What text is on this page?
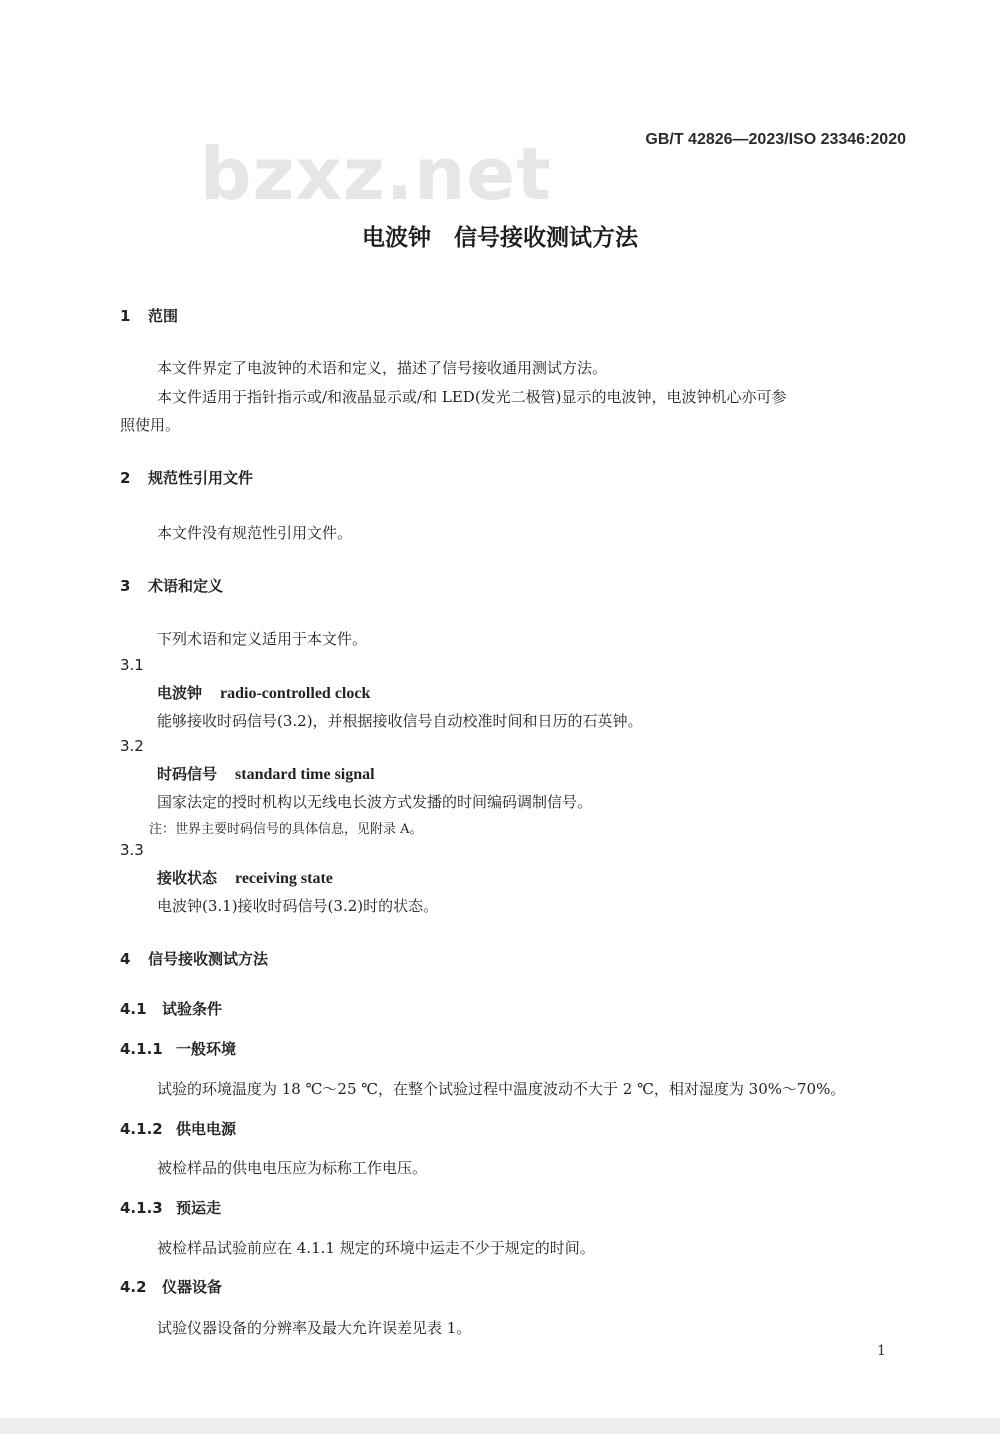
bzxz.net	GB/T 42826—2023/ISO 23346:2020
电波钟　信号接收测试方法
1 范围
本文件界定了电波钟的术语和定义，描述了信号接收通用测试方法。
本文件适用于指针指示或/和液晶显示或/和 LED(发光二极管)显示的电波钟，电波钟机心亦可参
照使用。
2 规范性引用文件
本文件没有规范性引用文件。
3 术语和定义
下列术语和定义适用于本文件。
3.1
电波钟 radio-controlled clock
能够接收时码信号(3.2)，并根据接收信号自动校准时间和日历的石英钟。
3.2
时码信号 standard time signal
国家法定的授时机构以无线电长波方式发播的时间编码调制信号。
注：世界主要时码信号的具体信息，见附录 A。
3.3
接收状态 receiving state
电波钟(3.1)接收时码信号(3.2)时的状态。
4 信号接收测试方法
4.1 试验条件
4.1.1 一般环境
试验的环境温度为 18 ℃～25 ℃，在整个试验过程中温度波动不大于 2 ℃，相对湿度为 30%～70%。
4.1.2 供电电源
被检样品的供电电压应为标称工作电压。
4.1.3 预运走
被检样品试验前应在 4.1.1 规定的环境中运走不少于规定的时间。
4.2 仪器设备
试验仪器设备的分辨率及最大允许误差见表 1。
1
